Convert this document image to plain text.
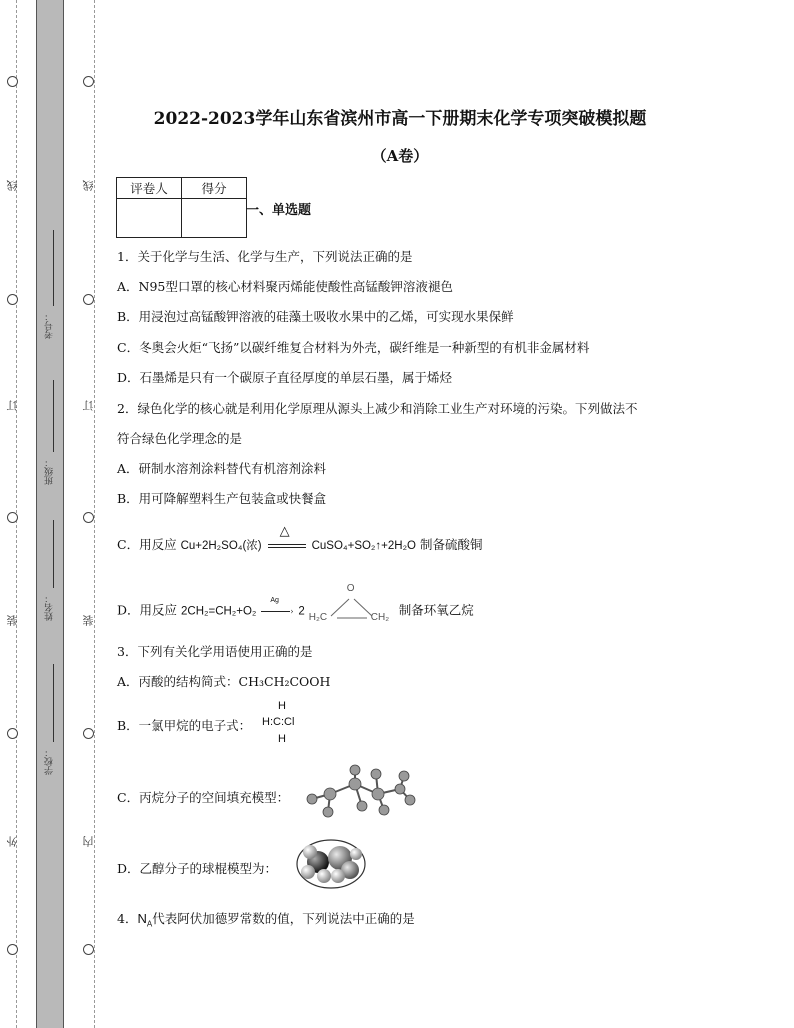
线
订
装
外
线
订
装
内
考号：
班级：
姓名：
学校：
2022-2023学年山东省滨州市高一下册期末化学专项突破模拟题
（A卷）
评卷人	得分

一、单选题
1．关于化学与生活、化学与生产，下列说法正确的是
A．N95型口罩的核心材料聚丙烯能使酸性高锰酸钾溶液褪色
B．用浸泡过高锰酸钾溶液的硅藻土吸收水果中的乙烯，可实现水果保鲜
C．冬奥会火炬“飞扬”以碳纤维复合材料为外壳，碳纤维是一种新型的有机非金属材料
D．石墨烯是只有一个碳原子直径厚度的单层石墨，属于烯烃
2．绿色化学的核心就是利用化学原理从源头上减少和消除工业生产对环境的污染。下列做法不
符合绿色化学理念的是
A．研制水溶剂涂料替代有机溶剂涂料
B．用可降解塑料生产包装盒或快餐盒
C．用反应 Cu+2H₂SO₄(浓)
△
CuSO₄+SO₂↑+2H₂O 制备硫酸铜
D．用反应 2CH₂=CH₂+O₂
Ag
› 2
O
H₂C	CH₂ 制备环氧乙烷
3．下列有关化学用语使用正确的是
A．丙酸的结构简式：CH₃CH₂COOH
B．一氯甲烷的电子式：
H
H:C:Cl
H
C．丙烷分子的空间填充模型：
D．乙醇分子的球棍模型为：
4．$N_A$代表阿伏加德罗常数的值，下列说法中正确的是
